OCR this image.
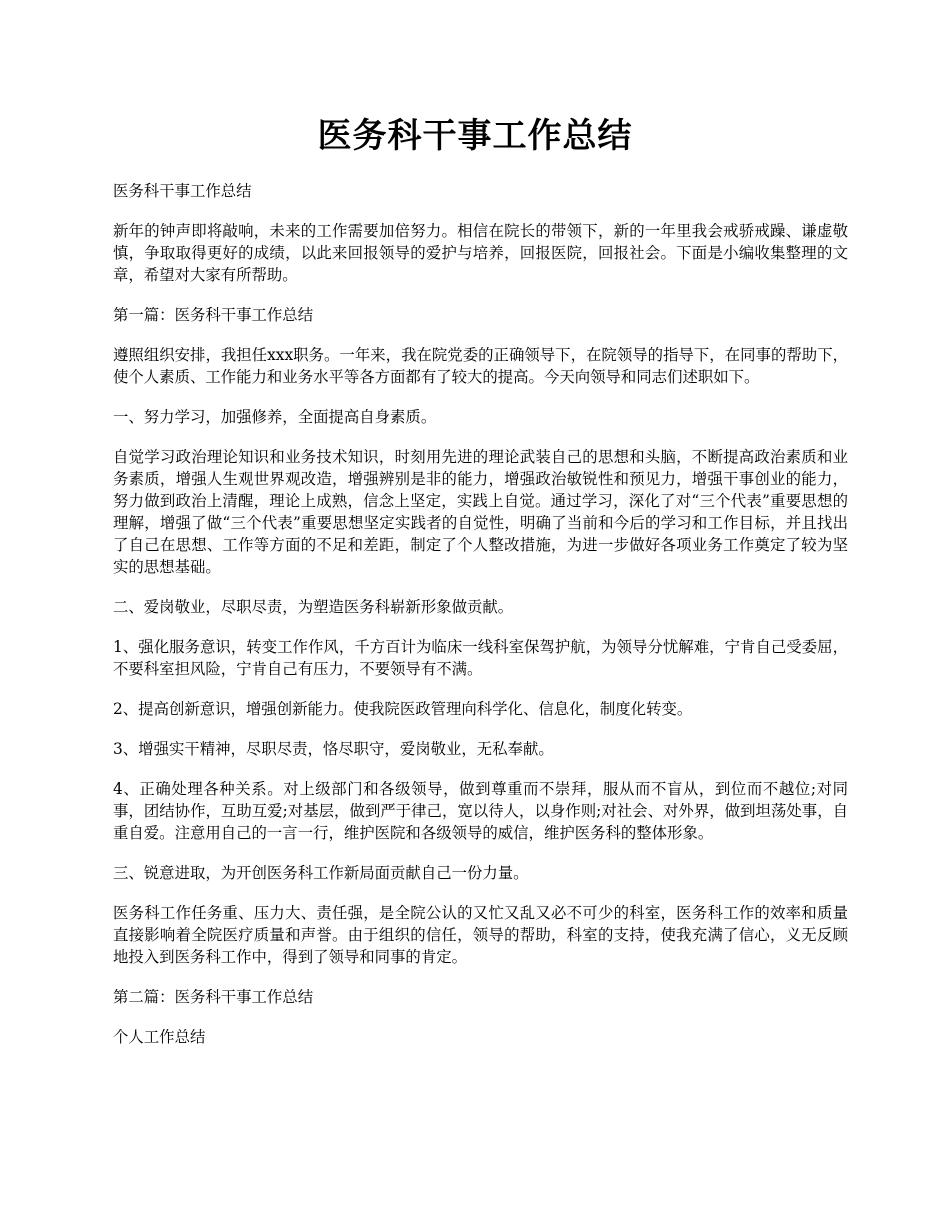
医务科干事工作总结

医务科干事工作总结

新年的钟声即将敲响，未来的工作需要加倍努力。相信在院长的带领下，新的一年里我会戒骄戒躁、谦虚敬慎，争取取得更好的成绩，以此来回报领导的爱护与培养，回报医院，回报社会。下面是小编收集整理的文章，希望对大家有所帮助。

第一篇：医务科干事工作总结

遵照组织安排，我担任xxx职务。一年来，我在院党委的正确领导下，在院领导的指导下，在同事的帮助下，使个人素质、工作能力和业务水平等各方面都有了较大的提高。今天向领导和同志们述职如下。

一、努力学习，加强修养，全面提高自身素质。

自觉学习政治理论知识和业务技术知识，时刻用先进的理论武装自己的思想和头脑，不断提高政治素质和业务素质，增强人生观世界观改造，增强辨别是非的能力，增强政治敏锐性和预见力，增强干事创业的能力，努力做到政治上清醒，理论上成熟，信念上坚定，实践上自觉。通过学习，深化了对“三个代表”重要思想的理解，增强了做“三个代表”重要思想坚定实践者的自觉性，明确了当前和今后的学习和工作目标，并且找出了自己在思想、工作等方面的不足和差距，制定了个人整改措施，为进一步做好各项业务工作奠定了较为坚实的思想基础。

二、爱岗敬业，尽职尽责，为塑造医务科崭新形象做贡献。

1、强化服务意识，转变工作作风，千方百计为临床一线科室保驾护航，为领导分忧解难，宁肯自己受委屈，不要科室担风险，宁肯自己有压力，不要领导有不满。

2、提高创新意识，增强创新能力。使我院医政管理向科学化、信息化，制度化转变。

3、增强实干精神，尽职尽责，恪尽职守，爱岗敬业，无私奉献。

4、正确处理各种关系。对上级部门和各级领导，做到尊重而不崇拜，服从而不盲从，到位而不越位;对同事，团结协作，互助互爱;对基层，做到严于律己，宽以待人，以身作则;对社会、对外界，做到坦荡处事，自重自爱。注意用自己的一言一行，维护医院和各级领导的威信，维护医务科的整体形象。

三、锐意进取，为开创医务科工作新局面贡献自己一份力量。

医务科工作任务重、压力大、责任强，是全院公认的又忙又乱又必不可少的科室，医务科工作的效率和质量直接影响着全院医疗质量和声誉。由于组织的信任，领导的帮助，科室的支持，使我充满了信心，义无反顾地投入到医务科工作中，得到了领导和同事的肯定。

第二篇：医务科干事工作总结

个人工作总结
